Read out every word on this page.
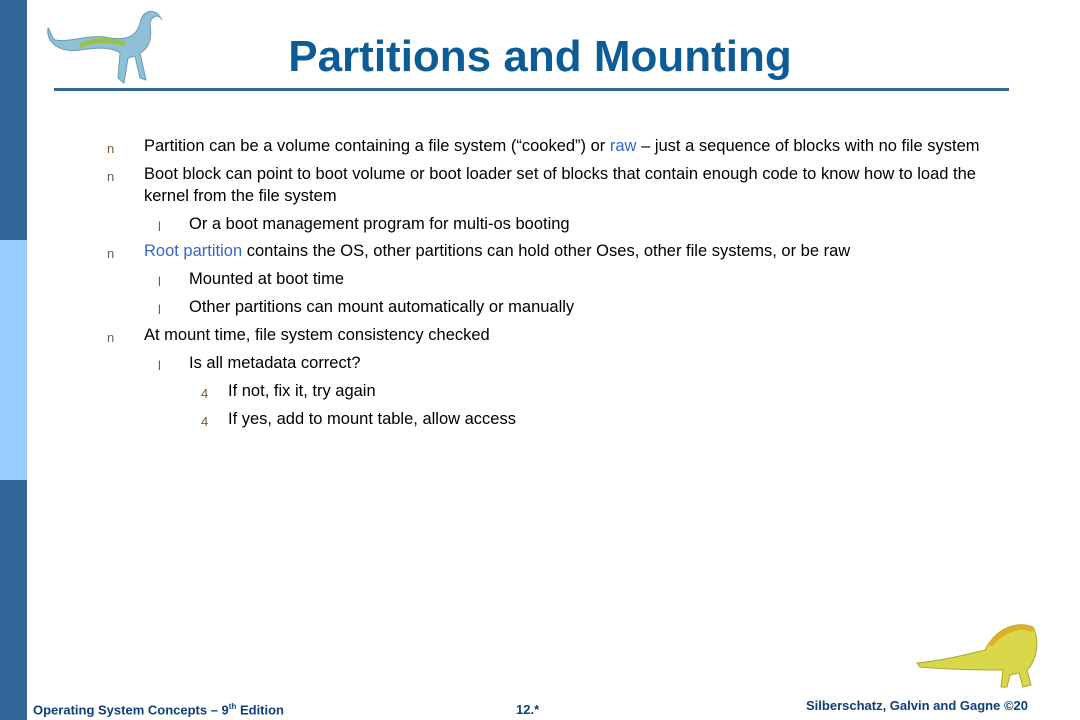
Partitions and Mounting
n Partition can be a volume containing a file system (“cooked”) or raw – just a sequence of blocks with no file system
n Boot block can point to boot volume or boot loader set of blocks that contain enough code to know how to load the
kernel from the file system
l Or a boot management program for multi-os booting
n Root partition contains the OS, other partitions can hold other Oses, other file systems, or be raw
l Mounted at boot time
l Other partitions can mount automatically or manually
n At mount time, file system consistency checked
l Is all metadata correct?
4 If not, fix it, try again
4 If yes, add to mount table, allow access
Operating System Concepts – 9th Edition	12.*	Silberschatz, Galvin and Gagne ©20
